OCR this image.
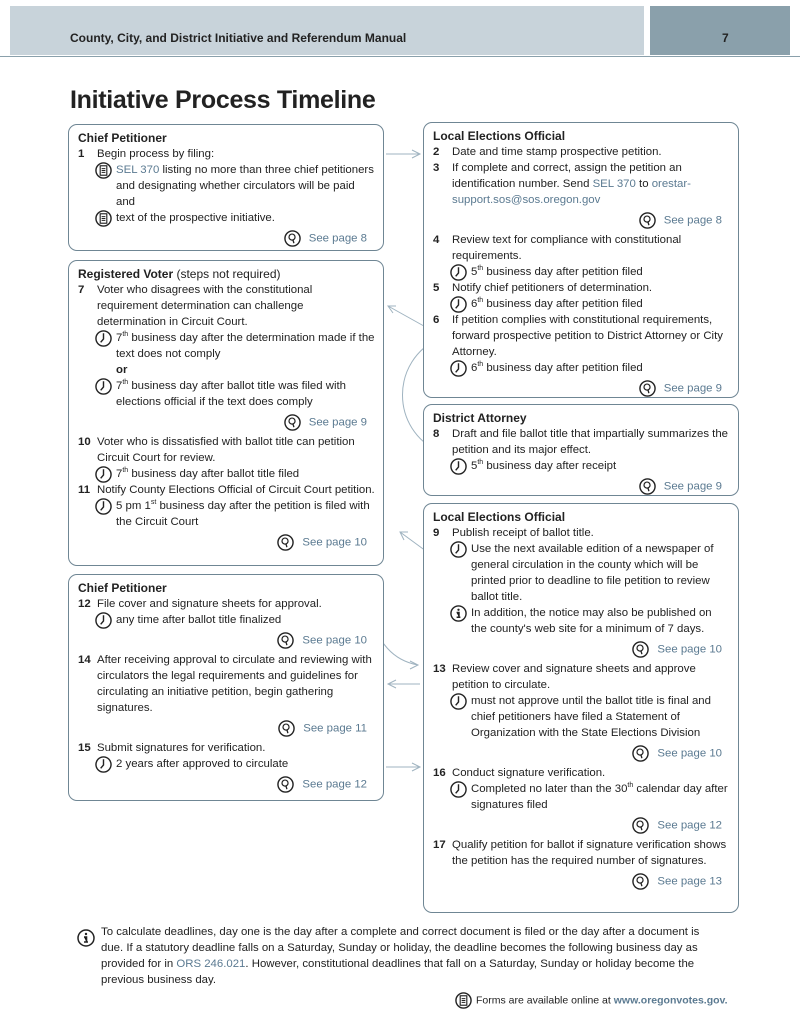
County, City, and District Initiative and Referendum Manual	7
Initiative Process Timeline
Chief Petitioner
1 Begin process by filing:
SEL 370 listing no more than three chief petitioners and designating whether circulators will be paid and
text of the prospective initiative.
See page 8
Registered Voter (steps not required)
7 Voter who disagrees with the constitutional requirement determination can challenge determination in Circuit Court.
7th business day after the determination made if the text does not comply
or
7th business day after ballot title was filed with elections official if the text does comply
See page 9
10 Voter who is dissatisfied with ballot title can petition Circuit Court for review.
7th business day after ballot title filed
11 Notify County Elections Official of Circuit Court petition.
5 pm 1st business day after the petition is filed with the Circuit Court
See page 10
Chief Petitioner
12 File cover and signature sheets for approval.
any time after ballot title finalized
See page 10
14 After receiving approval to circulate and reviewing with circulators the legal requirements and guidelines for circulating an initiative petition, begin gathering signatures.
See page 11
15 Submit signatures for verification.
2 years after approved to circulate
See page 12
Local Elections Official
2 Date and time stamp prospective petition.
3 If complete and correct, assign the petition an identification number. Send SEL 370 to orestar-support.sos@sos.oregon.gov
See page 8
4 Review text for compliance with constitutional requirements.
5th business day after petition filed
5 Notify chief petitioners of determination.
6th business day after petition filed
6 If petition complies with constitutional requirements, forward prospective petition to District Attorney or City Attorney.
6th business day after petition filed
See page 9
District Attorney
8 Draft and file ballot title that impartially summarizes the petition and its major effect.
5th business day after receipt
See page 9
Local Elections Official
9 Publish receipt of ballot title.
Use the next available edition of a newspaper of general circulation in the county which will be printed prior to deadline to file petition to review ballot title.
In addition, the notice may also be published on the county's web site for a minimum of 7 days.
See page 10
13 Review cover and signature sheets and approve petition to circulate.
must not approve until the ballot title is final and chief petitioners have filed a Statement of Organization with the State Elections Division
See page 10
16 Conduct signature verification.
Completed no later than the 30th calendar day after signatures filed
See page 12
17 Qualify petition for ballot if signature verification shows the petition has the required number of signatures.
See page 13
To calculate deadlines, day one is the day after a complete and correct document is filed or the day after a document is due. If a statutory deadline falls on a Saturday, Sunday or holiday, the deadline becomes the following business day as provided for in ORS 246.021. However, constitutional deadlines that fall on a Saturday, Sunday or holiday become the previous business day.
Forms are available online at www.oregonvotes.gov.
